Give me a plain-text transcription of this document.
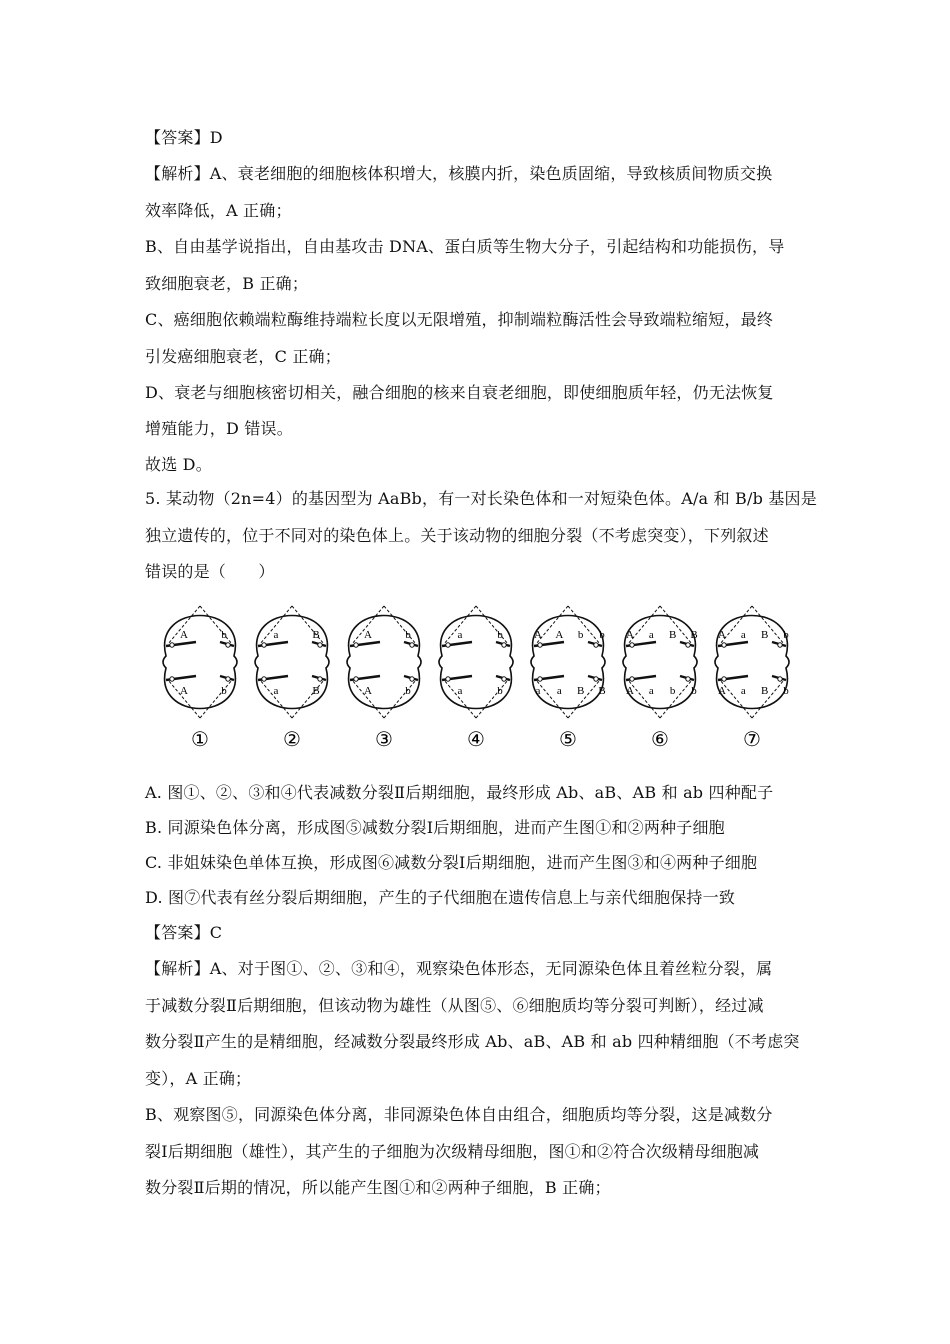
【答案】D
【解析】A、衰老细胞的细胞核体积增大，核膜内折，染色质固缩，导致核质间物质交换
效率降低，A 正确；
B、自由基学说指出，自由基攻击 DNA、蛋白质等生物大分子，引起结构和功能损伤，导
致细胞衰老，B 正确；
C、癌细胞依赖端粒酶维持端粒长度以无限增殖，抑制端粒酶活性会导致端粒缩短，最终
引发癌细胞衰老，C 正确；
D、衰老与细胞核密切相关，融合细胞的核来自衰老细胞，即使细胞质年轻，仍无法恢复
增殖能力，D 错误。
故选 D。
5. 某动物（2n=4）的基因型为 AaBb，有一对长染色体和一对短染色体。A/a 和 B/b 基因是
独立遗传的，位于不同对的染色体上。关于该动物的细胞分裂（不考虑突变），下列叙述
错误的是（　　）
A	b
A	b
①
a	B
a	B
②
A	b
A	b
③
a	b
a	b
④
A A b b
a a B B
⑤
A a B B
A a b b
⑥
A a B b
A a B b
⑦
A. 图①、②、③和④代表减数分裂Ⅱ后期细胞，最终形成 Ab、aB、AB 和 ab 四种配子
B. 同源染色体分离，形成图⑤减数分裂Ⅰ后期细胞，进而产生图①和②两种子细胞
C. 非姐妹染色单体互换，形成图⑥减数分裂Ⅰ后期细胞，进而产生图③和④两种子细胞
D. 图⑦代表有丝分裂后期细胞，产生的子代细胞在遗传信息上与亲代细胞保持一致
【答案】C
【解析】A、对于图①、②、③和④，观察染色体形态，无同源染色体且着丝粒分裂，属
于减数分裂Ⅱ后期细胞，但该动物为雄性（从图⑤、⑥细胞质均等分裂可判断），经过减
数分裂Ⅱ产生的是精细胞，经减数分裂最终形成 Ab、aB、AB 和 ab 四种精细胞（不考虑突
变），A 正确；
B、观察图⑤，同源染色体分离，非同源染色体自由组合，细胞质均等分裂，这是减数分
裂Ⅰ后期细胞（雄性），其产生的子细胞为次级精母细胞，图①和②符合次级精母细胞减
数分裂Ⅱ后期的情况，所以能产生图①和②两种子细胞，B 正确；
